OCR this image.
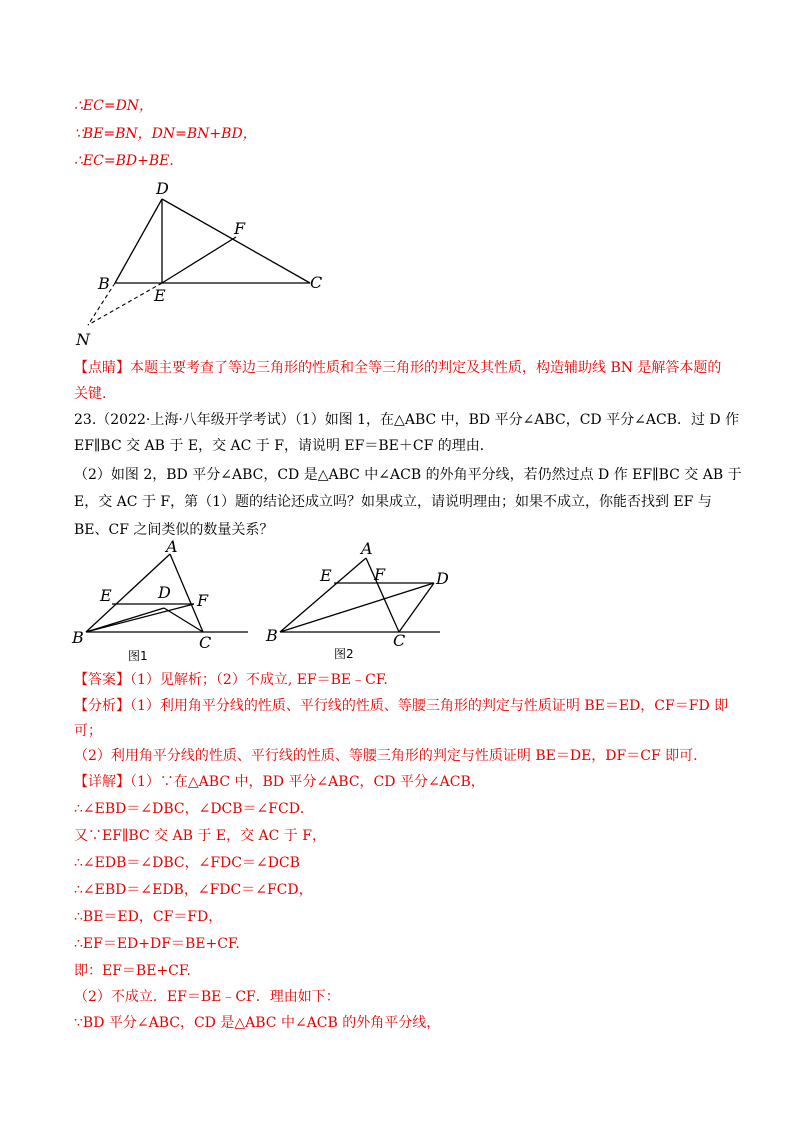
∴EC=DN，
∵BE=BN，DN=BN+BD，
∴EC=BD+BE.
D
F
B
E
C
N
【点睛】本题主要考查了等边三角形的性质和全等三角形的判定及其性质，构造辅助线 BN 是解答本题的
关键.
23.（2022·上海·八年级开学考试）（1）如图 1，在△ABC 中，BD 平分∠ABC，CD 平分∠ACB．过 D 作
EF∥BC 交 AB 于 E，交 AC 于 F，请说明 EF＝BE＋CF 的理由．
（2）如图 2，BD 平分∠ABC，CD 是△ABC 中∠ACB 的外角平分线，若仍然过点 D 作 EF∥BC 交 AB 于
E，交 AC 于 F，第（1）题的结论还成立吗？如果成立，请说明理由；如果不成立，你能否找到 EF 与
BE、CF 之间类似的数量关系？
A
E	D F
B	C
图1
A
E	F	D
B	C
图2
【答案】（1）见解析；（2）不成立, EF＝BE﹣CF.
【分析】（1）利用角平分线的性质、平行线的性质、等腰三角形的判定与性质证明 BE＝ED，CF＝FD 即
可；
（2）利用角平分线的性质、平行线的性质、等腰三角形的判定与性质证明 BE＝DE，DF＝CF 即可.
【详解】（1）∵在△ABC 中，BD 平分∠ABC，CD 平分∠ACB，
∴∠EBD＝∠DBC，∠DCB＝∠FCD．
又∵EF∥BC 交 AB 于 E，交 AC 于 F，
∴∠EDB＝∠DBC，∠FDC＝∠DCB
∴∠EBD＝∠EDB，∠FDC＝∠FCD，
∴BE＝ED，CF＝FD，
∴EF＝ED+DF＝BE+CF.
即：EF＝BE+CF.
（2）不成立．EF＝BE﹣CF．理由如下：
∵BD 平分∠ABC，CD 是△ABC 中∠ACB 的外角平分线，
